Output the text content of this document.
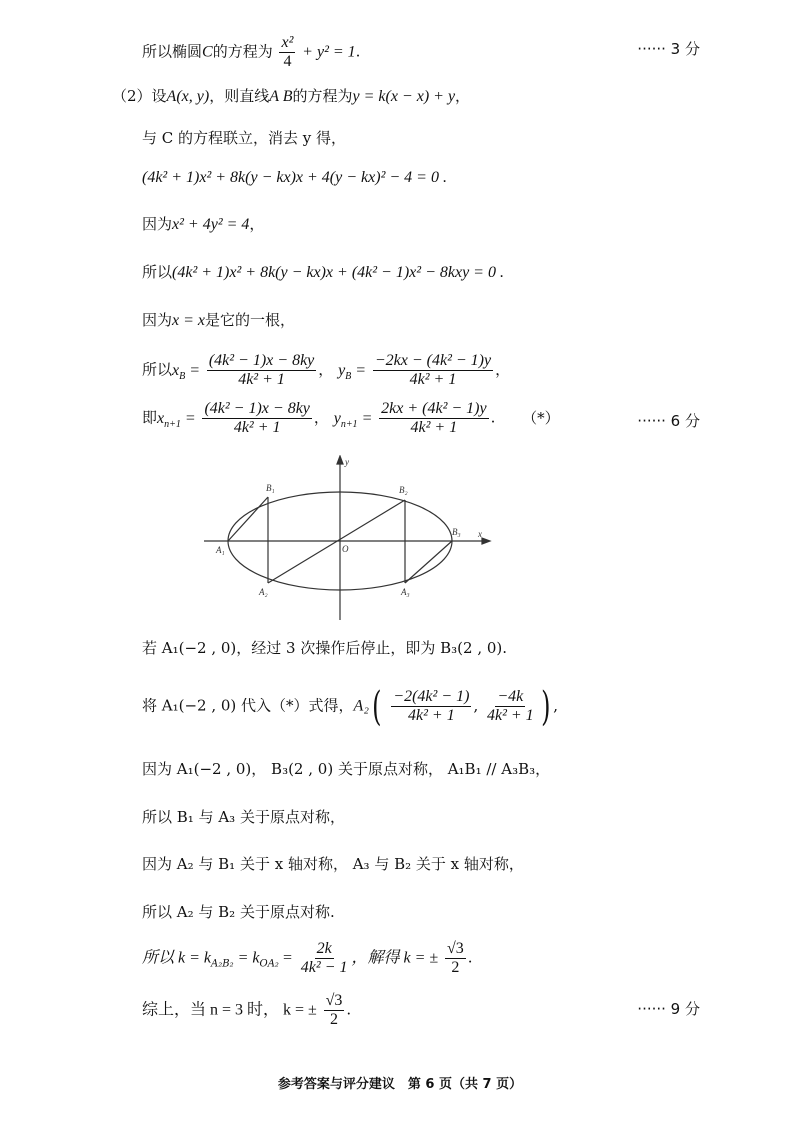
所以椭圆C的方程为 $\frac{\text{x²}}{4} + y^2 = 1$.	······ 3 分
（2）设A(x, y)，则直线A B的方程为y = k(x − x) + y，
与 C 的方程联立，消去 y 得，
(4k² + 1)x² + 8k(y − kx)x + 4(y − kx)² − 4 = 0 .
因为x² + 4y² = 4，
所以(4k² + 1)x² + 8k(y − kx)x + (4k² − 1)x² − 8kxy = 0 .
因为x = x是它的一根，
所以$x_B = \frac{\text{(4k² − 1)x − 8ky}}{\text{4k² + 1}}$ ， $y_B = \frac{\text{−2kx − (4k² − 1)y}}{\text{4k² + 1}}$ ，
即$x_{n+1} = \frac{\text{(4k² − 1)x − 8ky}}{\text{4k² + 1}}$ ， $y_{n+1} = \frac{\text{2kx + (4k² − 1)y}}{\text{4k² + 1}}$ . （*）	······ 6 分
y
x
O
B₁	B₂
B₃
A₁
A₂	A₃
若 A₁(−2 , 0)，经过 3 次操作后停止，即为 B₃(2 , 0).
将 A₁(−2 , 0) 代入（*）式得，$A_2( \frac{\text{−2(4k² − 1)}}{\text{4k² + 1}}$ , $\frac{-4k}{\text{4k² + 1}}$ ) ,
因为 A₁(−2 , 0)， B₃(2 , 0) 关于原点对称， A₁B₁ // A₃B₃，
所以 B₁ 与 A₃ 关于原点对称，
因为 A₂ 与 B₁ 关于 x 轴对称， A₃ 与 B₂ 关于 x 轴对称，
所以 A₂ 与 B₂ 关于原点对称.
所以 $k = k_{A_2B_2} = k_{OA_2} = \frac{2k}{\text{4k² − 1}}$ ，解得 k = ± $\frac{√3}{2}$ .
综上，当 n = 3 时， k = ± $\frac{√3}{2}$ .	······ 9 分
参考答案与评分建议　第 6 页（共 7 页）
